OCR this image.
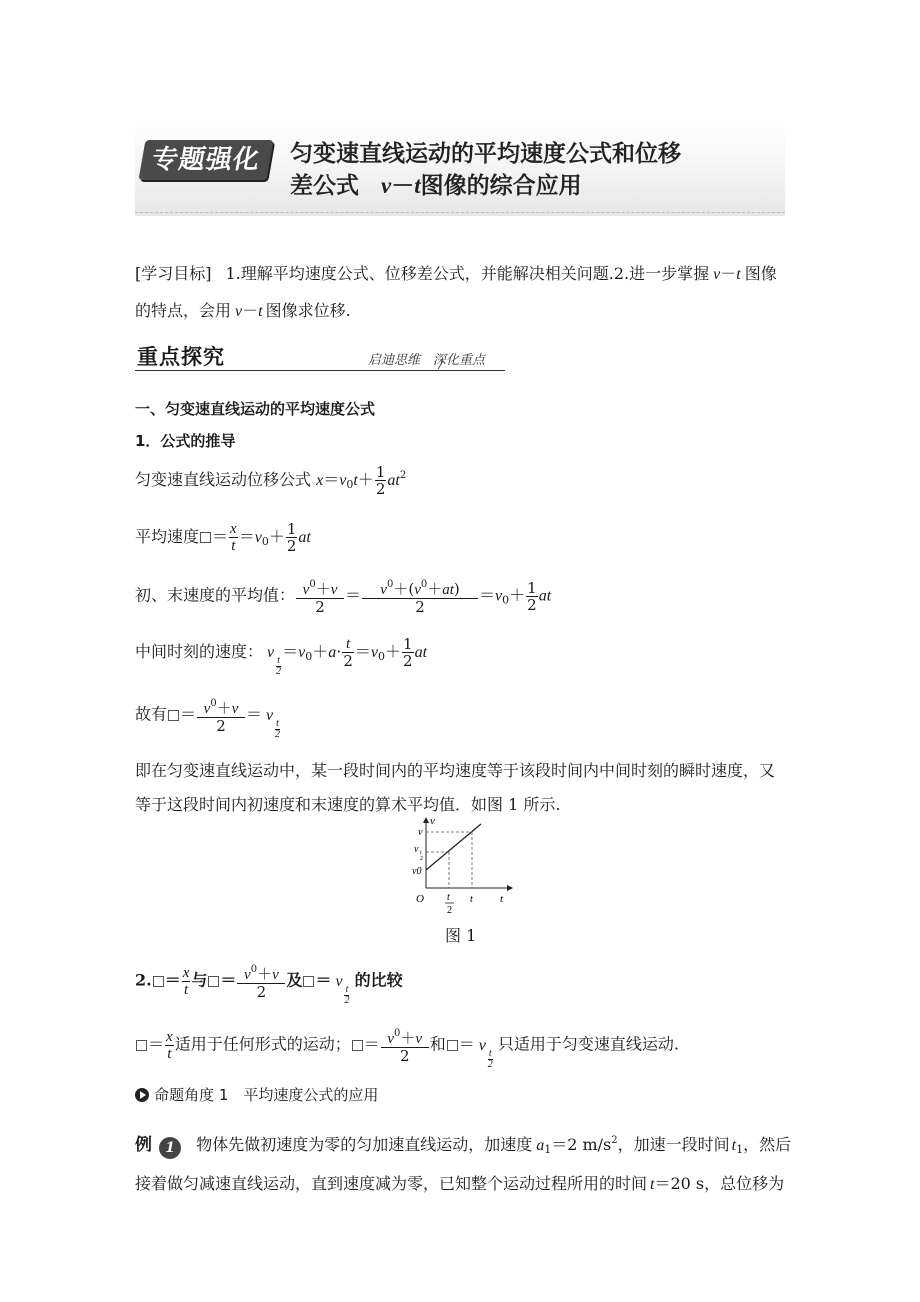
专题强化	匀变速直线运动的平均速度公式和位移
差公式 v－t图像的综合应用
[学习目标] 1.理解平均速度公式、位移差公式，并能解决相关问题.2.进一步掌握 v－t 图像
的特点，会用 v－t 图像求位移.
重点探究	启迪思维　深化重点
一、匀变速直线运动的平均速度公式
1．公式的推导
匀变速直线运动位移公式 $x=v_0t+ \frac{1}{2} at^2$
平均速度 ＝ $\frac{x}{t} =v_0+ \frac{1}{2}$ at
初、末速度的平均值： $\frac{v^0+v}{2} = \frac{v^0+(v^0+at)}{2} =v_0+ \frac{1}{2}$ at
中间时刻的速度： v t
2
$=v_0+a\cdot \frac{t}{2} =v_0+ \frac{1}{2}$ at
故有 ＝ $\frac{v^0+v}{2} = v$ t
2
即在匀变速直线运动中，某一段时间内的平均速度等于该段时间内中间时刻的瞬时速度，又
等于这段时间内初速度和末速度的算术平均值．如图 1 所示.
v
t
O
v
v t
2
v0
t
2
t
图 1
2. ＝ $\frac{x}{t}$ 与 ＝ $\frac{v^0+v}{2}$ 及 ＝ v t
2
的比较
＝ $\frac{x}{t}$ 适用于任何形式的运动； ＝ $\frac{v^0+v}{2}$ 和 ＝ v t
2
只适用于匀变速直线运动.
命题角度 1　平均速度公式的应用
例 1 物体先做初速度为零的匀加速直线运动，加速度 $a_1=2$ $m/s^2$，加速一段时间 $t_1$，然后
接着做匀减速直线运动，直到速度减为零，已知整个运动过程所用的时间 t＝20 s，总位移为
